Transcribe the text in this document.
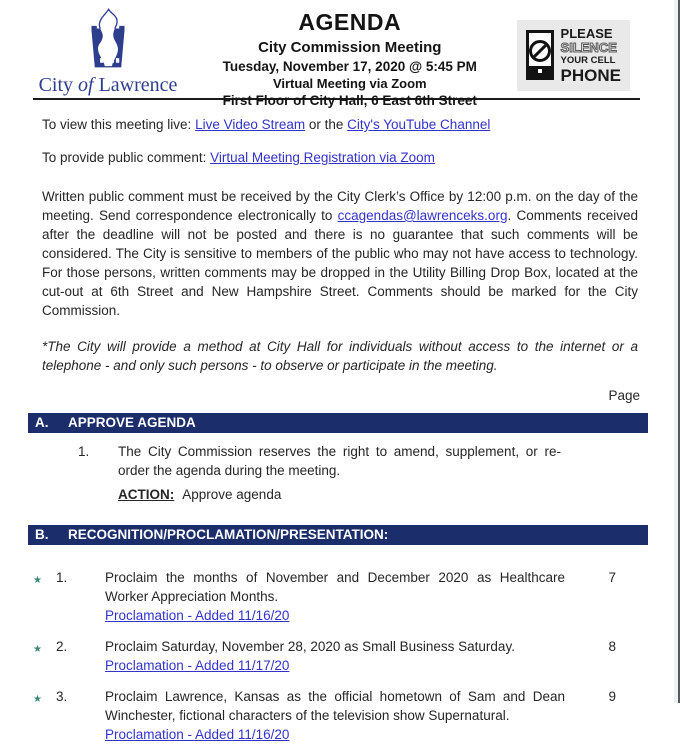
City of Lawrence
AGENDA
City Commission Meeting
Tuesday, November 17, 2020 @ 5:45 PM
Virtual Meeting via Zoom
First Floor of City Hall, 6 East 6th Street
PLEASE
SILENCE
YOUR CELL
PHONE
To view this meeting live: Live Video Stream or the City's YouTube Channel
To provide public comment: Virtual Meeting Registration via Zoom
Written public comment must be received by the City Clerk’s Office by 12:00 p.m. on the day of the meeting. Send correspondence electronically to ccagendas@lawrenceks.org. Comments received after the deadline will not be posted and there is no guarantee that such comments will be considered. The City is sensitive to members of the public who may not have access to technology. For those persons, written comments may be dropped in the Utility Billing Drop Box, located at the cut-out at 6th Street and New Hampshire Street. Comments should be marked for the City Commission.
*The City will provide a method at City Hall for individuals without access to the internet or a telephone - and only such persons - to observe or participate in the meeting.
Page
A.	APPROVE AGENDA
1.	The City Commission reserves the right to amend, supplement, or re-order the agenda during the meeting.
ACTION: Approve agenda
B.	RECOGNITION/PROCLAMATION/PRESENTATION:
★	1.	Proclaim the months of November and December 2020 as Healthcare Worker Appreciation Months.
Proclamation - Added 11/16/20
7
★	2.	Proclaim Saturday, November 28, 2020 as Small Business Saturday.
Proclamation - Added 11/17/20
8
★	3.	Proclaim Lawrence, Kansas as the official hometown of Sam and Dean Winchester, fictional characters of the television show Supernatural.
Proclamation - Added 11/16/20
9
